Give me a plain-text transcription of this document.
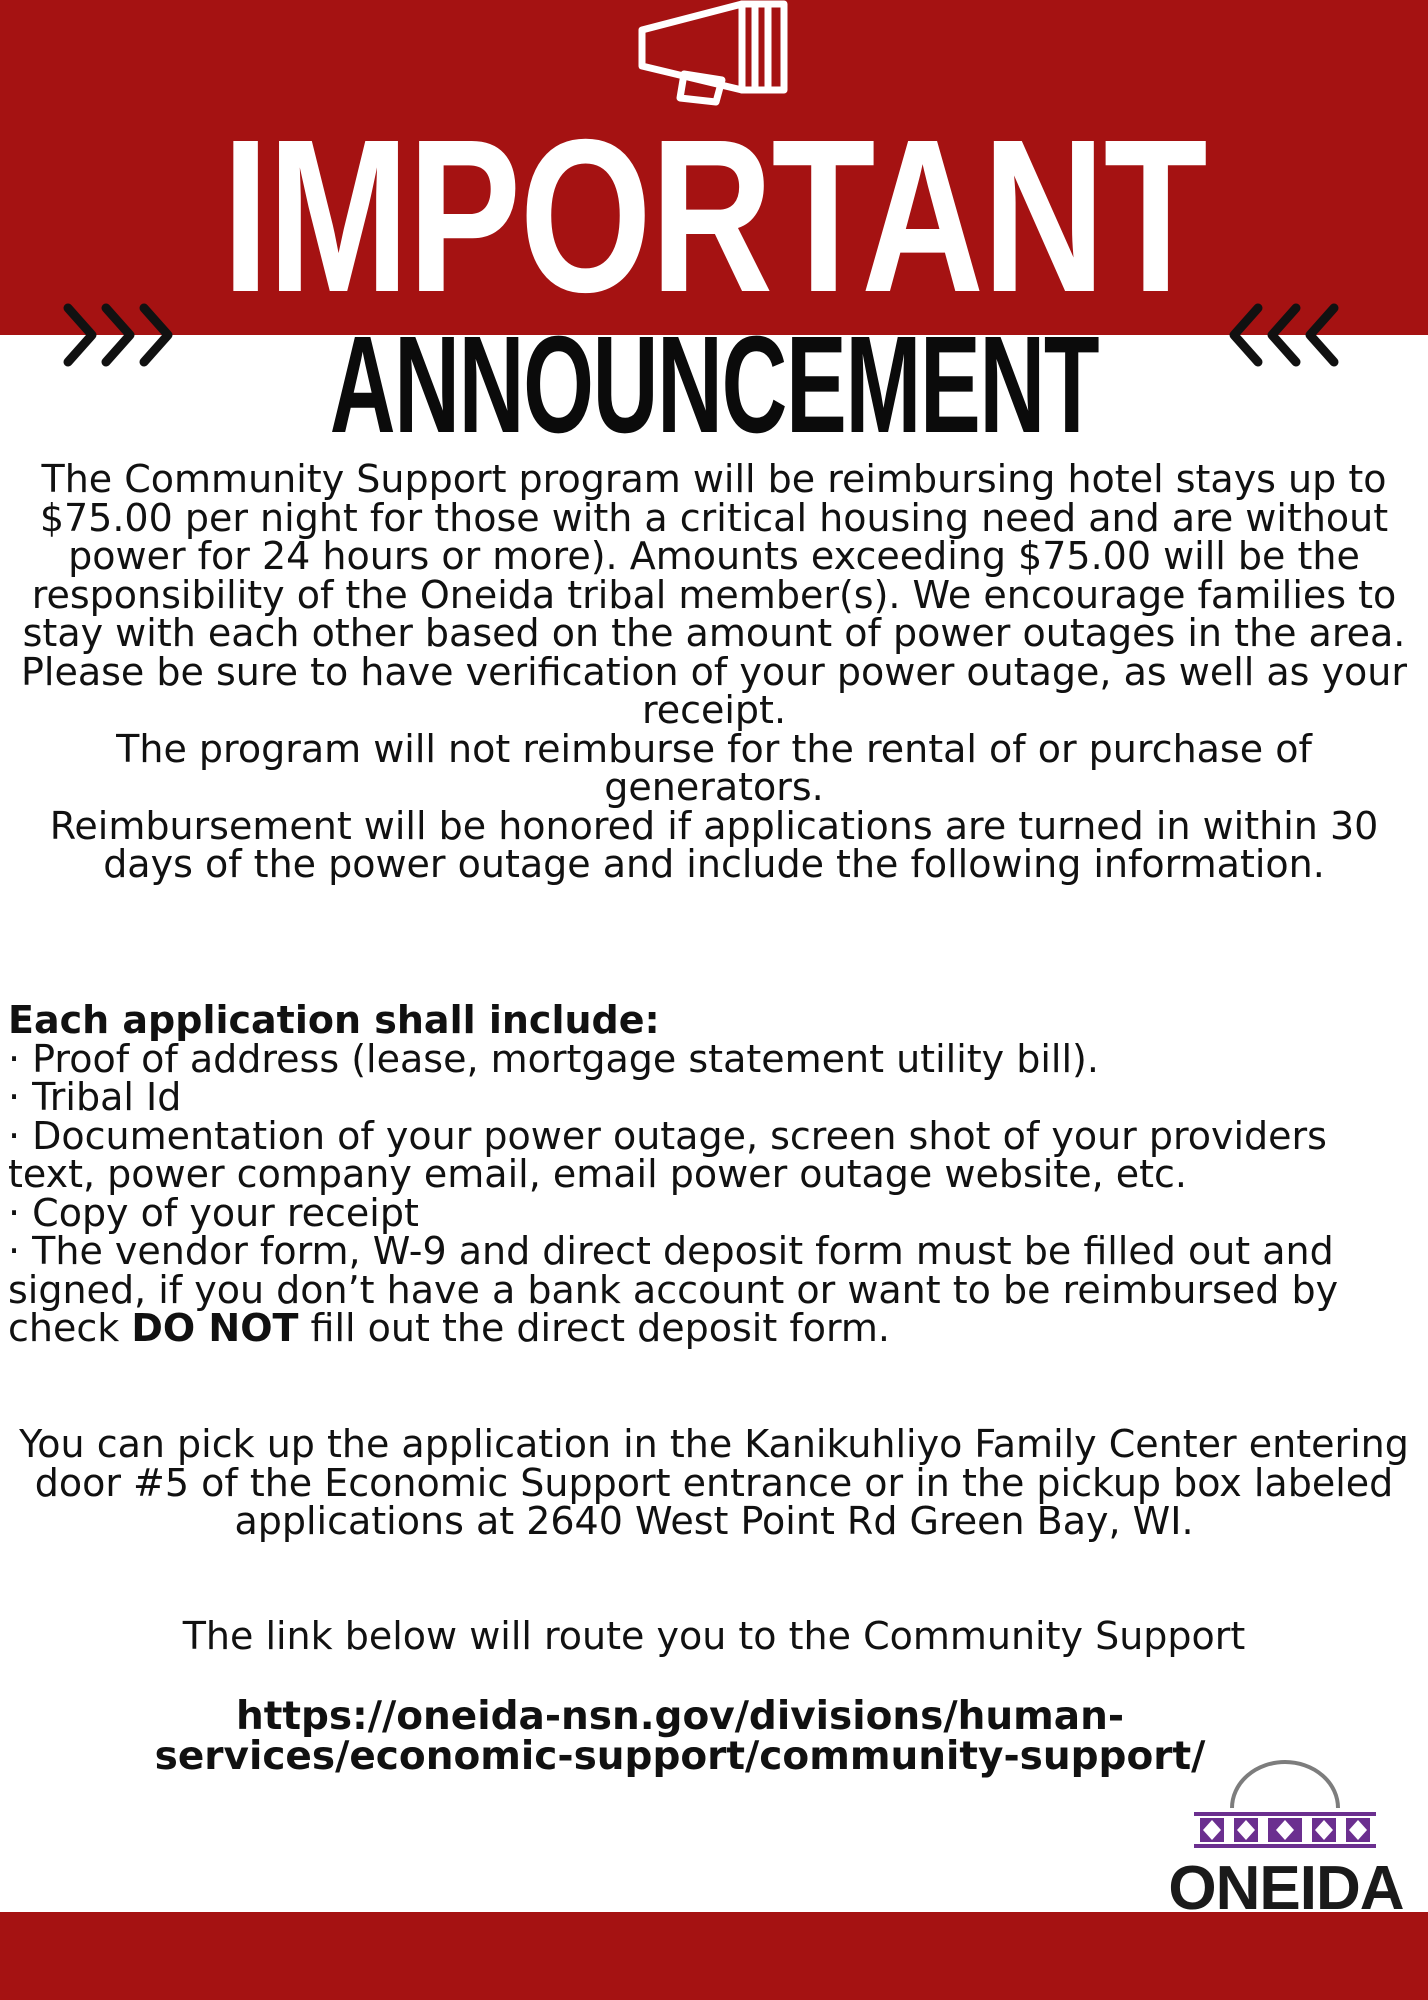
IMPORTANT
ANNOUNCEMENT

The Community Support program will be reimbursing hotel stays up to $75.00 per night for those with a critical housing need and are without power for 24 hours or more). Amounts exceeding $75.00 will be the responsibility of the Oneida tribal member(s). We encourage families to stay with each other based on the amount of power outages in the area. Please be sure to have verification of your power outage, as well as your receipt.

The program will not reimburse for the rental of or purchase of generators.

Reimbursement will be honored if applications are turned in within 30 days of the power outage and include the following information.

Each application shall include:

· Proof of address (lease, mortgage statement utility bill).

· Tribal Id

· Documentation of your power outage, screen shot of your providers text, power company email, email power outage website, etc.

· Copy of your receipt

· The vendor form, W-9 and direct deposit form must be filled out and signed, if you don’t have a bank account or want to be reimbursed by check DO NOT fill out the direct deposit form.

You can pick up the application in the Kanikuhliyo Family Center entering door #5 of the Economic Support entrance or in the pickup box labeled applications at 2640 West Point Rd Green Bay, WI.
The link below will route you to the Community Support
https://oneida-nsn.gov/divisions/human-
services/economic-support/community-support/
ONEIDA
